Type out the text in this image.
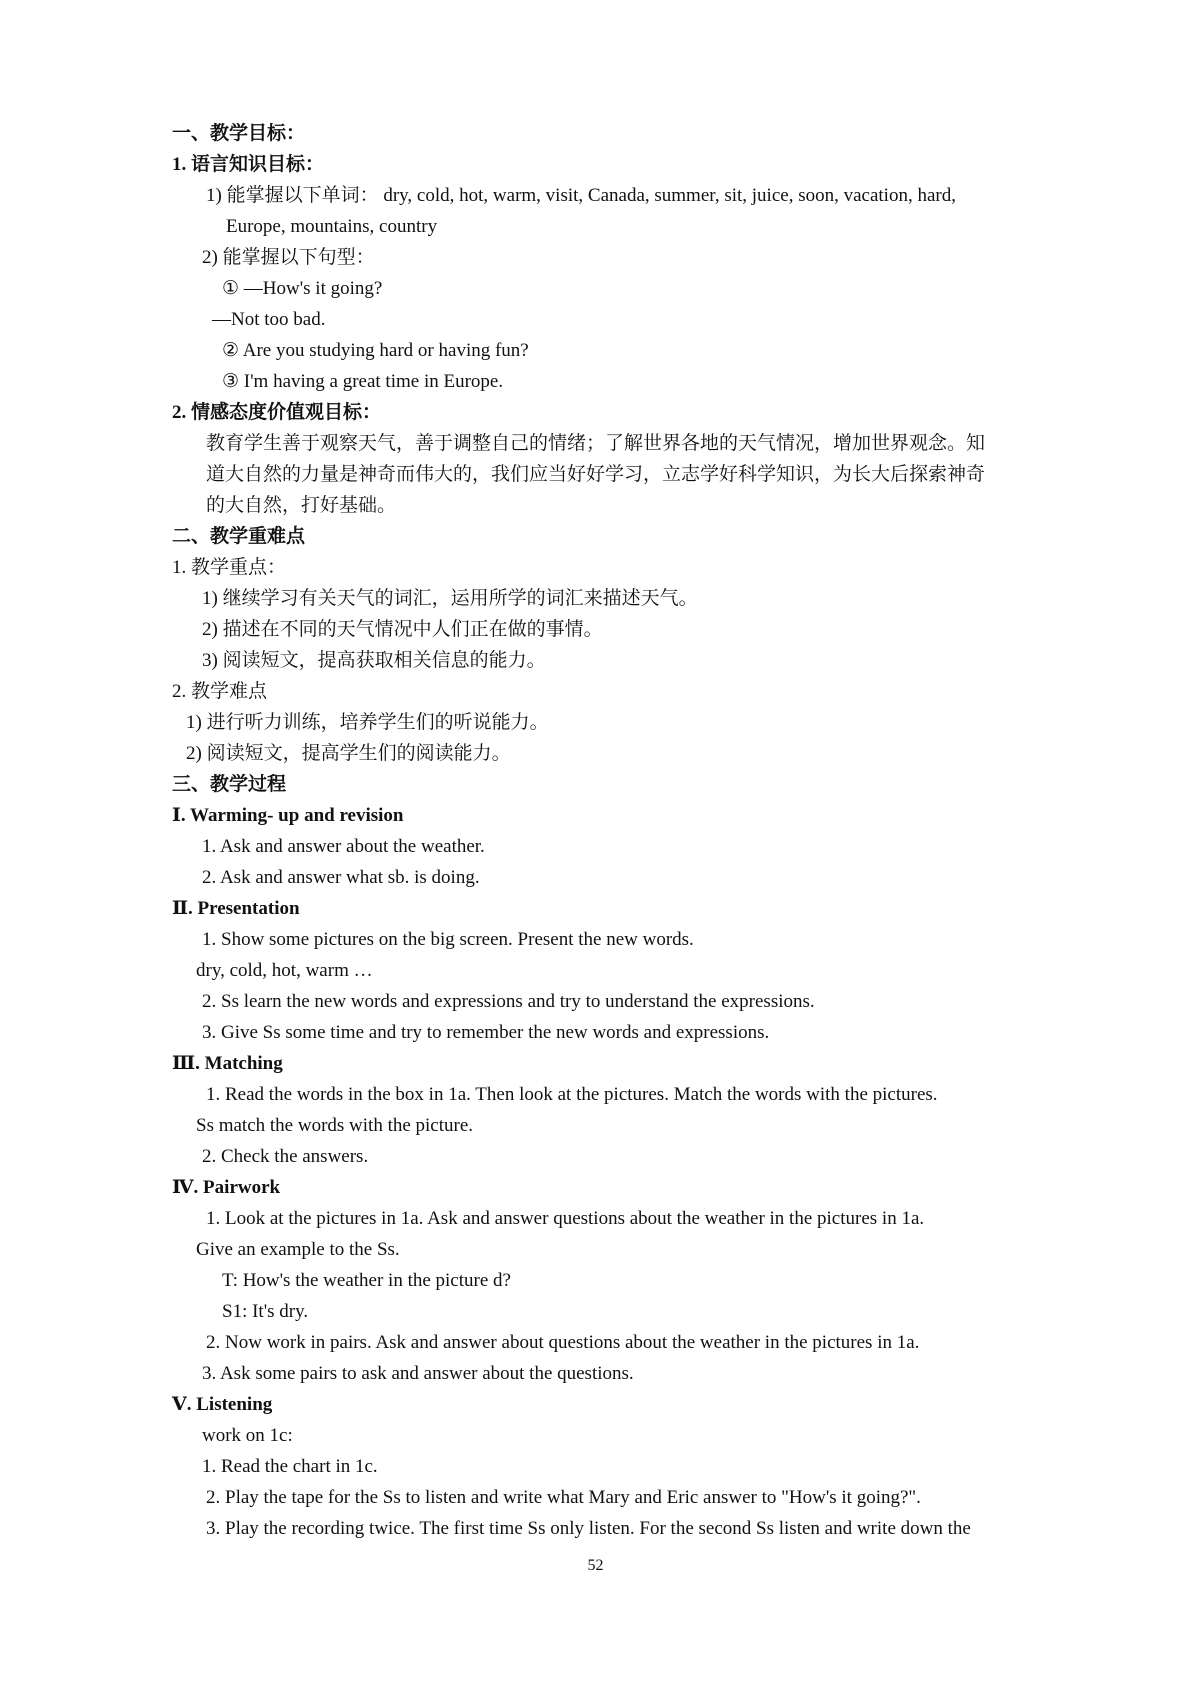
一、教学目标：
1. 语言知识目标：
1) 能掌握以下单词： dry, cold, hot, warm, visit, Canada, summer, sit, juice, soon, vacation, hard,
Europe, mountains, country
2) 能掌握以下句型：
① —How's it going?
—Not too bad.
② Are you studying hard or having fun?
③ I'm having a great time in Europe.
2. 情感态度价值观目标：
教育学生善于观察天气，善于调整自己的情绪；了解世界各地的天气情况，增加世界观念。知
道大自然的力量是神奇而伟大的，我们应当好好学习，立志学好科学知识，为长大后探索神奇
的大自然，打好基础。
二、教学重难点
1. 教学重点：
1) 继续学习有关天气的词汇，运用所学的词汇来描述天气。
2) 描述在不同的天气情况中人们正在做的事情。
3) 阅读短文，提高获取相关信息的能力。
2. 教学难点
1) 进行听力训练，培养学生们的听说能力。
2) 阅读短文，提高学生们的阅读能力。
三、教学过程
Ⅰ. Warming- up and revision
1. Ask and answer about the weather.
2. Ask and answer what sb. is doing.
Ⅱ. Presentation
1. Show some pictures on the big screen. Present the new words.
dry, cold, hot, warm …
2. Ss learn the new words and expressions and try to understand the expressions.
3. Give Ss some time and try to remember the new words and expressions.
Ⅲ. Matching
1. Read the words in the box in 1a. Then look at the pictures. Match the words with the pictures.
Ss match the words with the picture.
2. Check the answers.
Ⅳ. Pairwork
1. Look at the pictures in 1a. Ask and answer questions about the weather in the pictures in 1a.
Give an example to the Ss.
T: How's the weather in the picture d?
S1: It's dry.
2. Now work in pairs. Ask and answer about questions about the weather in the pictures in 1a.
3. Ask some pairs to ask and answer about the questions.
Ⅴ. Listening
work on 1c:
1. Read the chart in 1c.
2. Play the tape for the Ss to listen and write what Mary and Eric answer to "How's it going?".
3. Play the recording twice. The first time Ss only listen. For the second Ss listen and write down the
52
